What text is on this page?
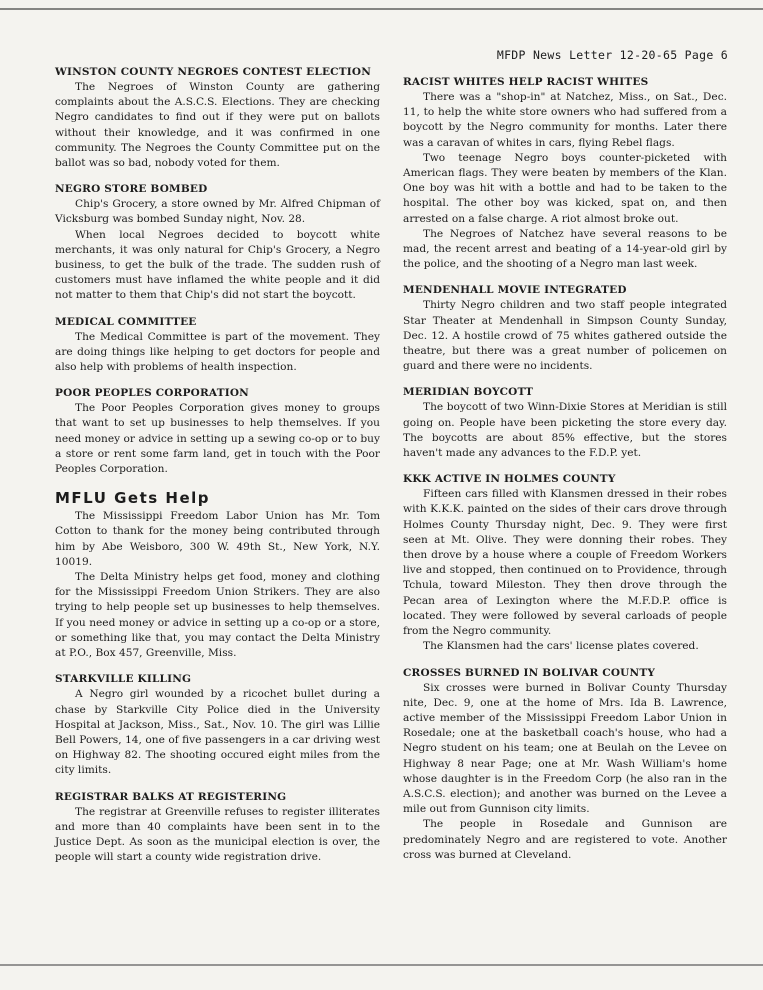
MFDP News Letter 12-20-65 Page 6
WINSTON COUNTY NEGROES CONTEST ELECTION

The Negroes of Winston County are gathering complaints about the A.S.C.S. Elections. They are checking Negro candidates to find out if they were put on ballots without their knowledge, and it was confirmed in one community. The Negroes the County Committee put on the ballot was so bad, nobody voted for them.

NEGRO STORE BOMBED

Chip's Grocery, a store owned by Mr. Alfred Chipman of Vicksburg was bombed Sunday night, Nov. 28.

When local Negroes decided to boycott white merchants, it was only natural for Chip's Grocery, a Negro business, to get the bulk of the trade. The sudden rush of customers must have inflamed the white people and it did not matter to them that Chip's did not start the boycott.

MEDICAL COMMITTEE

The Medical Committee is part of the movement. They are doing things like helping to get doctors for people and also help with problems of health inspection.

POOR PEOPLES CORPORATION

The Poor Peoples Corporation gives money to groups that want to set up businesses to help themselves. If you need money or advice in setting up a sewing co-op or to buy a store or rent some farm land, get in touch with the Poor Peoples Corporation.

MFLU Gets Help

The Mississippi Freedom Labor Union has Mr. Tom Cotton to thank for the money being contributed through him by Abe Weisboro, 300 W. 49th St., New York, N.Y. 10019.

The Delta Ministry helps get food, money and clothing for the Mississippi Freedom Union Strikers. They are also trying to help people set up businesses to help themselves. If you need money or advice in setting up a co-op or a store, or something like that, you may contact the Delta Ministry at P.O., Box 457, Greenville, Miss.

STARKVILLE KILLING

A Negro girl wounded by a ricochet bullet during a chase by Starkville City Police died in the University Hospital at Jackson, Miss., Sat., Nov. 10. The girl was Lillie Bell Powers, 14, one of five passengers in a car driving west on Highway 82. The shooting occured eight miles from the city limits.

REGISTRAR BALKS AT REGISTERING

The registrar at Greenville refuses to register illiterates and more than 40 complaints have been sent in to the Justice Dept. As soon as the municipal election is over, the people will start a county wide registration drive.

RACIST WHITES HELP RACIST WHITES

There was a "shop-in" at Natchez, Miss., on Sat., Dec. 11, to help the white store owners who had suffered from a boycott by the Negro community for months. Later there was a caravan of whites in cars, flying Rebel flags.

Two teenage Negro boys counter-picketed with American flags. They were beaten by members of the Klan. One boy was hit with a bottle and had to be taken to the hospital. The other boy was kicked, spat on, and then arrested on a false charge. A riot almost broke out.

The Negroes of Natchez have several reasons to be mad, the recent arrest and beating of a 14-year-old girl by the police, and the shooting of a Negro man last week.

MENDENHALL MOVIE INTEGRATED

Thirty Negro children and two staff people integrated Star Theater at Mendenhall in Simpson County Sunday, Dec. 12. A hostile crowd of 75 whites gathered outside the theatre, but there was a great number of policemen on guard and there were no incidents.

MERIDIAN BOYCOTT

The boycott of two Winn-Dixie Stores at Meridian is still going on. People have been picketing the store every day. The boycotts are about 85% effective, but the stores haven't made any advances to the F.D.P. yet.

KKK ACTIVE IN HOLMES COUNTY

Fifteen cars filled with Klansmen dressed in their robes with K.K.K. painted on the sides of their cars drove through Holmes County Thursday night, Dec. 9. They were first seen at Mt. Olive. They were donning their robes. They then drove by a house where a couple of Freedom Workers live and stopped, then continued on to Providence, through Tchula, toward Mileston. They then drove through the Pecan area of Lexington where the M.F.D.P. office is located. They were followed by several carloads of people from the Negro community.

The Klansmen had the cars' license plates covered.

CROSSES BURNED IN BOLIVAR COUNTY

Six crosses were burned in Bolivar County Thursday nite, Dec. 9, one at the home of Mrs. Ida B. Lawrence, active member of the Mississippi Freedom Labor Union in Rosedale; one at the basketball coach's house, who had a Negro student on his team; one at Beulah on the Levee on Highway 8 near Page; one at Mr. Wash William's home whose daughter is in the Freedom Corp (he also ran in the A.S.C.S. election); and another was burned on the Levee a mile out from Gunnison city limits.

The people in Rosedale and Gunnison are predominately Negro and are registered to vote. Another cross was burned at Cleveland.
